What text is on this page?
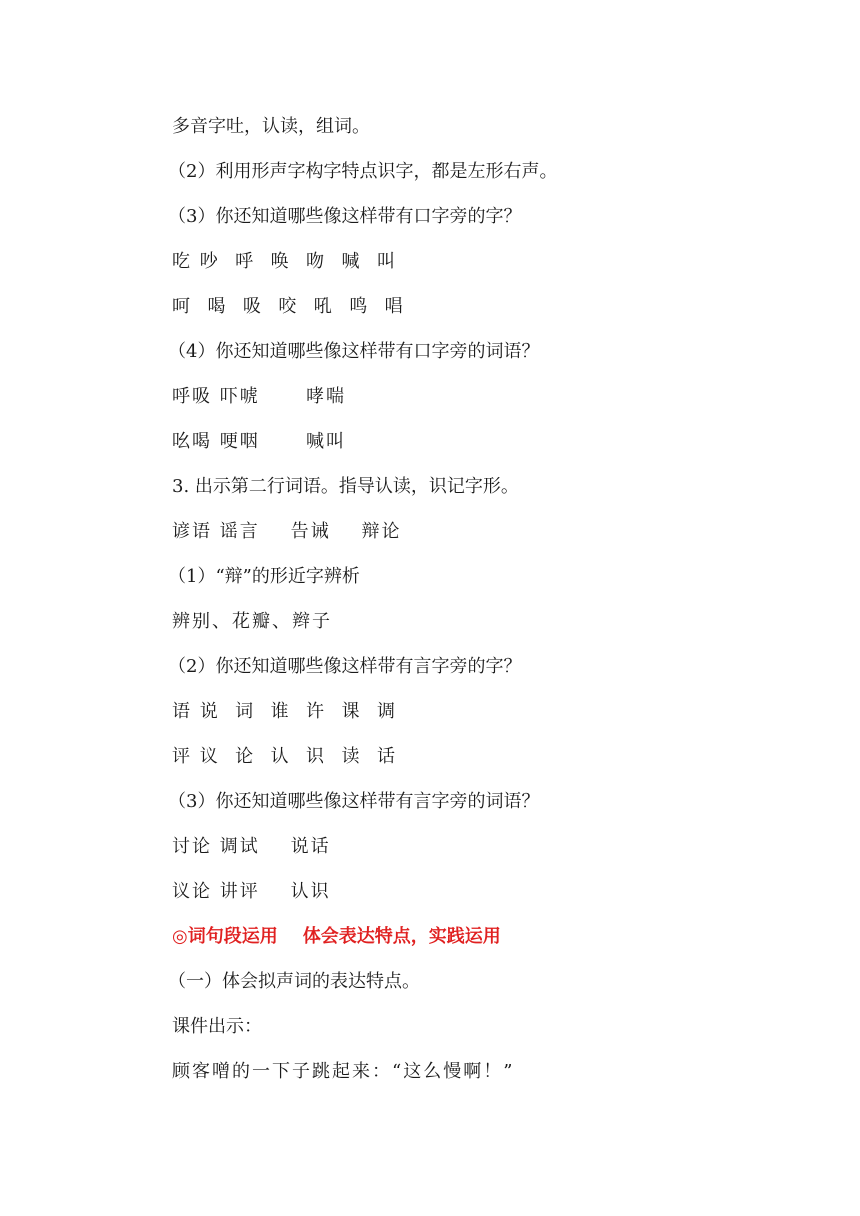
多音字吐，认读，组词。
（2）利用形声字构字特点识字，都是左形右声。
（3）你还知道哪些像这样带有口字旁的字？
吃 吵  呼  唤  吻  喊  叫
呵  喝  吸  咬  吼  鸣  唱
（4）你还知道哪些像这样带有口字旁的词语？
呼吸 吓唬      哮喘
吆喝 哽咽      喊叫
3. 出示第二行词语。指导认读，识记字形。
谚语 谣言    告诫    辩论
（1）“辩”的形近字辨析
辨别、花瓣、辫子
（2）你还知道哪些像这样带有言字旁的字？
语 说  词  谁  许  课  调
评 议  论  认  识  读  话
（3）你还知道哪些像这样带有言字旁的词语？
讨论 调试    说话
议论 讲评    认识
◎词句段运用    体会表达特点，实践运用
（一）体会拟声词的表达特点。
课件出示：
顾客噌的一下子跳起来：“这么慢啊！”
